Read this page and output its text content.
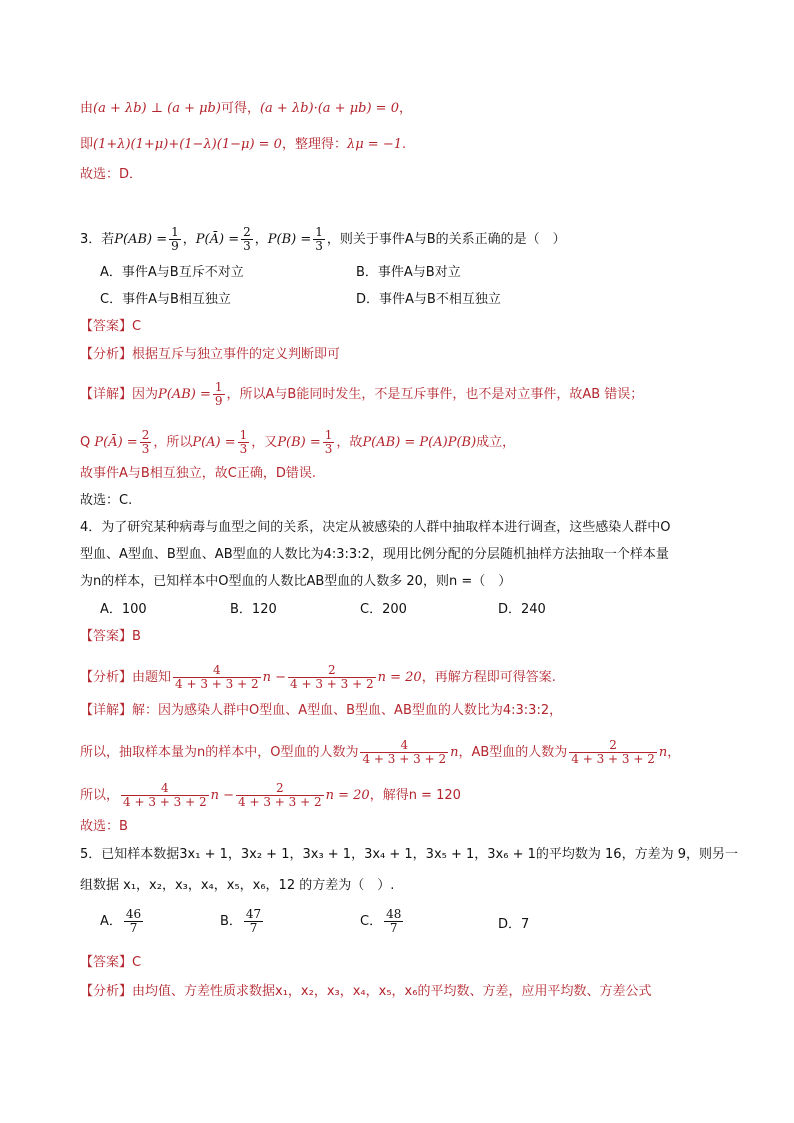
由(a + λb) ⊥ (a + μb)可得，(a + λb)·(a + μb) = 0，
即(1+λ)(1+μ)+(1−λ)(1−μ) = 0，整理得：λμ = −1.
故选：D．
3．若$P(AB) = \frac{1}{9}$ ，P(Ā) = $\frac{2}{3}$ ，$P(B) = \frac{1}{3}$ ，则关于事件A与B的关系正确的是（　）
A．事件A与B互斥不对立	B．事件A与B对立
C．事件A与B相互独立	D．事件A与B不相互独立
【答案】C
【分析】根据互斥与独立事件的定义判断即可
【详解】因为$P(AB) = \frac{1}{9}$ ，所以A与B能同时发生，不是互斥事件，也不是对立事件，故AB 错误；
Q P(Ā) = $\frac{2}{3}$ ，所以$P(A) = \frac{1}{3}$ ，又$P(B) = \frac{1}{3}$ ，故P(AB) = P(A)P(B)成立，
故事件A与B相互独立，故C正确，D错误.
故选：C.
4．为了研究某种病毒与血型之间的关系，决定从被感染的人群中抽取样本进行调查，这些感染人群中O
型血、A型血、B型血、AB型血的人数比为4:3:3:2，现用比例分配的分层随机抽样方法抽取一个样本量
为n的样本，已知样本中O型血的人数比AB型血的人数多 20，则n =（　）
A．100	B．120	C．200	D．240
【答案】B
【分析】由题知 $\frac{4}{4 + 3 + 3 + 2}$ $n - \frac{2}{4 + 3 + 3 + 2}$ n = 20，再解方程即可得答案.
【详解】解：因为感染人群中O型血、A型血、B型血、AB型血的人数比为4:3:3:2，
所以，抽取样本量为n的样本中，O型血的人数为 $\frac{4}{4 + 3 + 3 + 2}$ n，AB型血的人数为 $\frac{2}{4 + 3 + 3 + 2}$ n，
所以， $\frac{4}{4 + 3 + 3 + 2}$ $n - \frac{2}{4 + 3 + 3 + 2}$ n = 20，解得n = 120
故选：B
5．已知样本数据3x₁ + 1，3x₂ + 1，3x₃ + 1，3x₄ + 1，3x₅ + 1，3x₆ + 1的平均数为 16，方差为 9，则另一
组数据 x₁，x₂，x₃，x₄，x₅，x₆，12 的方差为（　）.
A． $\frac{46}{7}$	B． $\frac{47}{7}$	C． $\frac{48}{7}$	D．7
【答案】C
【分析】由均值、方差性质求数据x₁，x₂，x₃，x₄，x₅，x₆的平均数、方差，应用平均数、方差公式
